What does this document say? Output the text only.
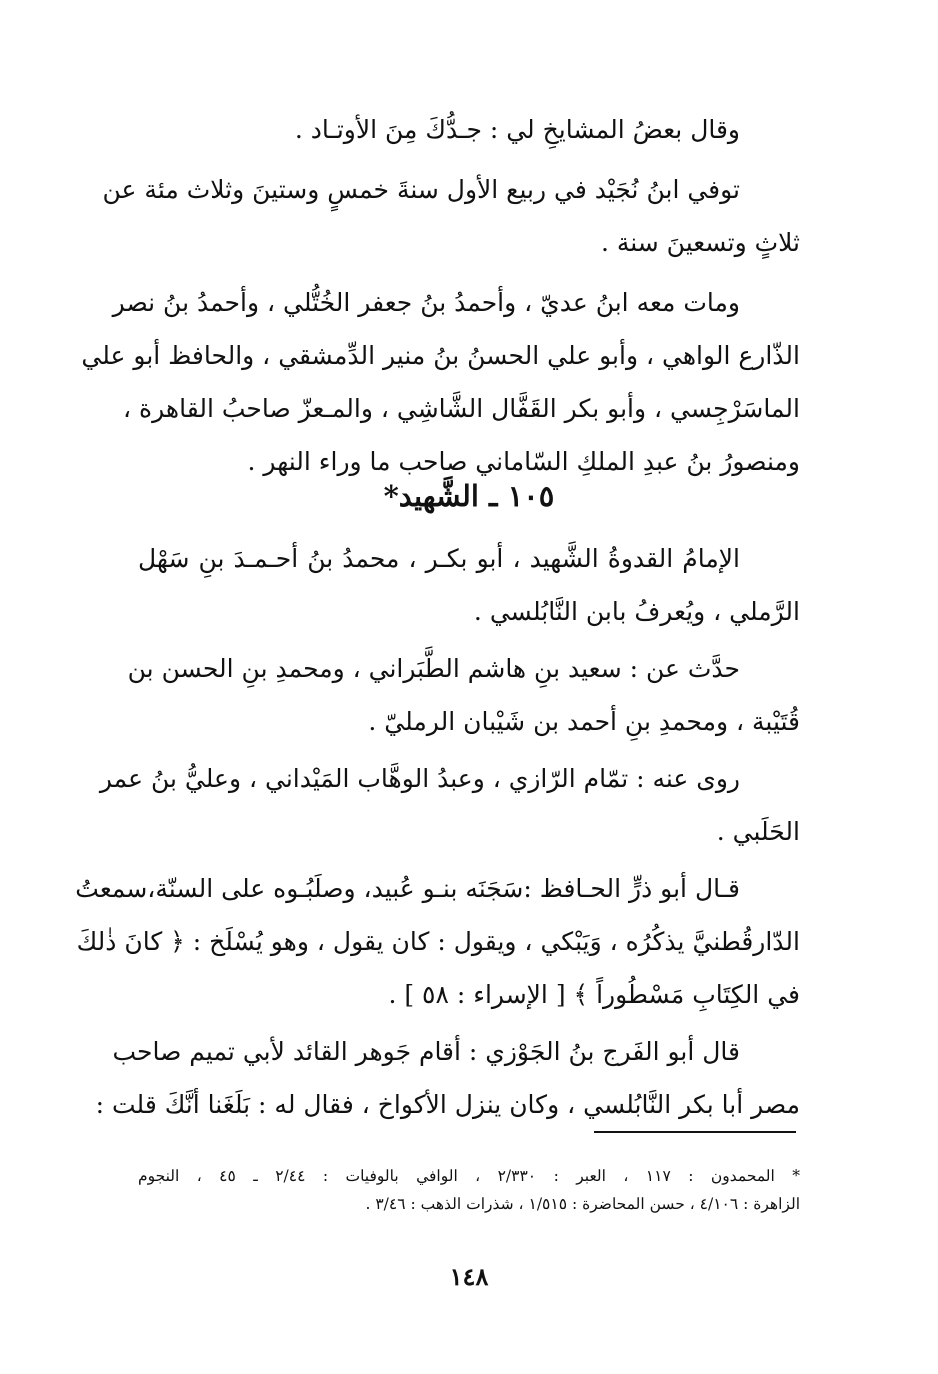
وقال بعضُ المشايخِ لي : جـدُّكَ مِنَ الأوتـاد .
توفي ابنُ نُجَيْد في ربيع الأول سنةَ خمسٍ وستينَ وثلاث مئة عن
ثلاثٍ وتسعينَ سنة .
ومات معه ابنُ عديّ ، وأحمدُ بنُ جعفر الخُتُّلي ، وأحمدُ بنُ نصر
الذّارع الواهي ، وأبو علي الحسنُ بنُ منير الدِّمشقي ، والحافظ أبو علي
الماسَرْجِسي ، وأبو بكر القَفَّال الشَّاشِي ، والمـعزّ صاحبُ القاهرة ،
ومنصورُ بنُ عبدِ الملكِ السّاماني صاحب ما وراء النهر .
١٠٥ ـ الشَّهيد*
الإمامُ القدوةُ الشَّهيد ، أبو بكـر ، محمدُ بنُ أحـمـدَ بنِ سَهْل
الرَّملي ، ويُعرفُ بابن النَّابُلسي .
حدَّث عن : سعيد بنِ هاشم الطَّبَراني ، ومحمدِ بنِ الحسن بن
قُتَيْبة ، ومحمدِ بنِ أحمد بن شَيْبان الرمليّ .
روى عنه : تمّام الرّازي ، وعبدُ الوهَّاب المَيْداني ، وعليُّ بنُ عمر
الحَلَبي .
قـال أبو ذرٍّ الحـافظ :سَجَنَه بنـو عُبيد، وصلَبُـوه على السنّة،سمعتُ
الدّارقُطنيَّ يذكُرُه ، وَيَبْكي ، ويقول : كان يقول ، وهو يُسْلَخ : ﴿ كانَ ذٰلكَ
في الكِتَابِ مَسْطُوراً ﴾ [ الإسراء : ٥٨ ] .
قال أبو الفَرج بنُ الجَوْزي : أقام جَوهر القائد لأبي تميم صاحب
مصر أبا بكر النَّابُلسي ، وكان ينزل الأكواخ ، فقال له : بَلَغَنا أنَّكَ قلت :
* المحمدون : ١١٧ ، العبر : ٢/٣٣٠ ، الوافي بالوفيات : ٢/٤٤ ـ ٤٥ ، النجوم
الزاهرة : ٤/١٠٦ ، حسن المحاضرة : ١/٥١٥ ، شذرات الذهب : ٣/٤٦ .
١٤٨
